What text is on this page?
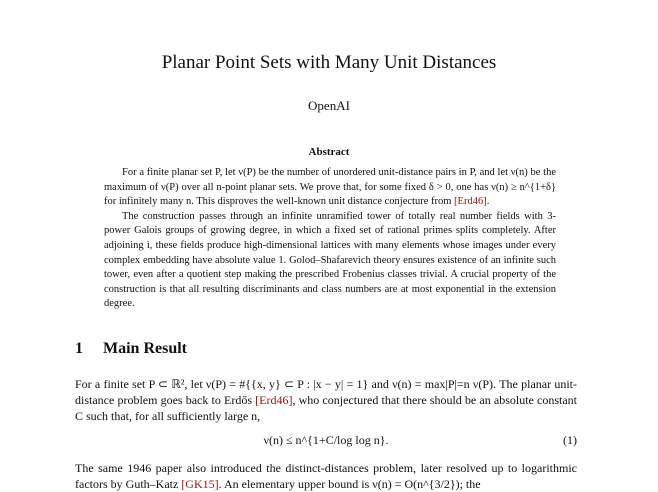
Planar Point Sets with Many Unit Distances
OpenAI
Abstract

For a finite planar set P, let ν(P) be the number of unordered unit-distance pairs in P, and let ν(n) be the maximum of ν(P) over all n-point planar sets. We prove that, for some fixed δ > 0, one has ν(n) ≥ n^{1+δ} for infinitely many n. This disproves the well-known unit distance conjecture from [Erd46].

The construction passes through an infinite unramified tower of totally real number fields with 3-power Galois groups of growing degree, in which a fixed set of rational primes splits completely. After adjoining i, these fields produce high-dimensional lattices with many elements whose images under every complex embedding have absolute value 1. Golod–Shafarevich theory ensures existence of an infinite such tower, even after a quotient step making the prescribed Frobenius classes trivial. A crucial property of the construction is that all resulting discriminants and class numbers are at most exponential in the extension degree.

1 Main Result

For a finite set P ⊂ ℝ², let ν(P) = #{{x, y} ⊂ P : |x − y| = 1} and ν(n) = max|P|=n ν(P). The planar unit-distance problem goes back to Erdős [Erd46], who conjectured that there should be an absolute constant C such that, for all sufficiently large n,

ν(n) ≤ n^{1+C/log log n}.	(1)
The same 1946 paper also introduced the distinct-distances problem, later resolved up to logarithmic factors by Guth–Katz [GK15]. An elementary upper bound is ν(n) = O(n^{3/2}); the
